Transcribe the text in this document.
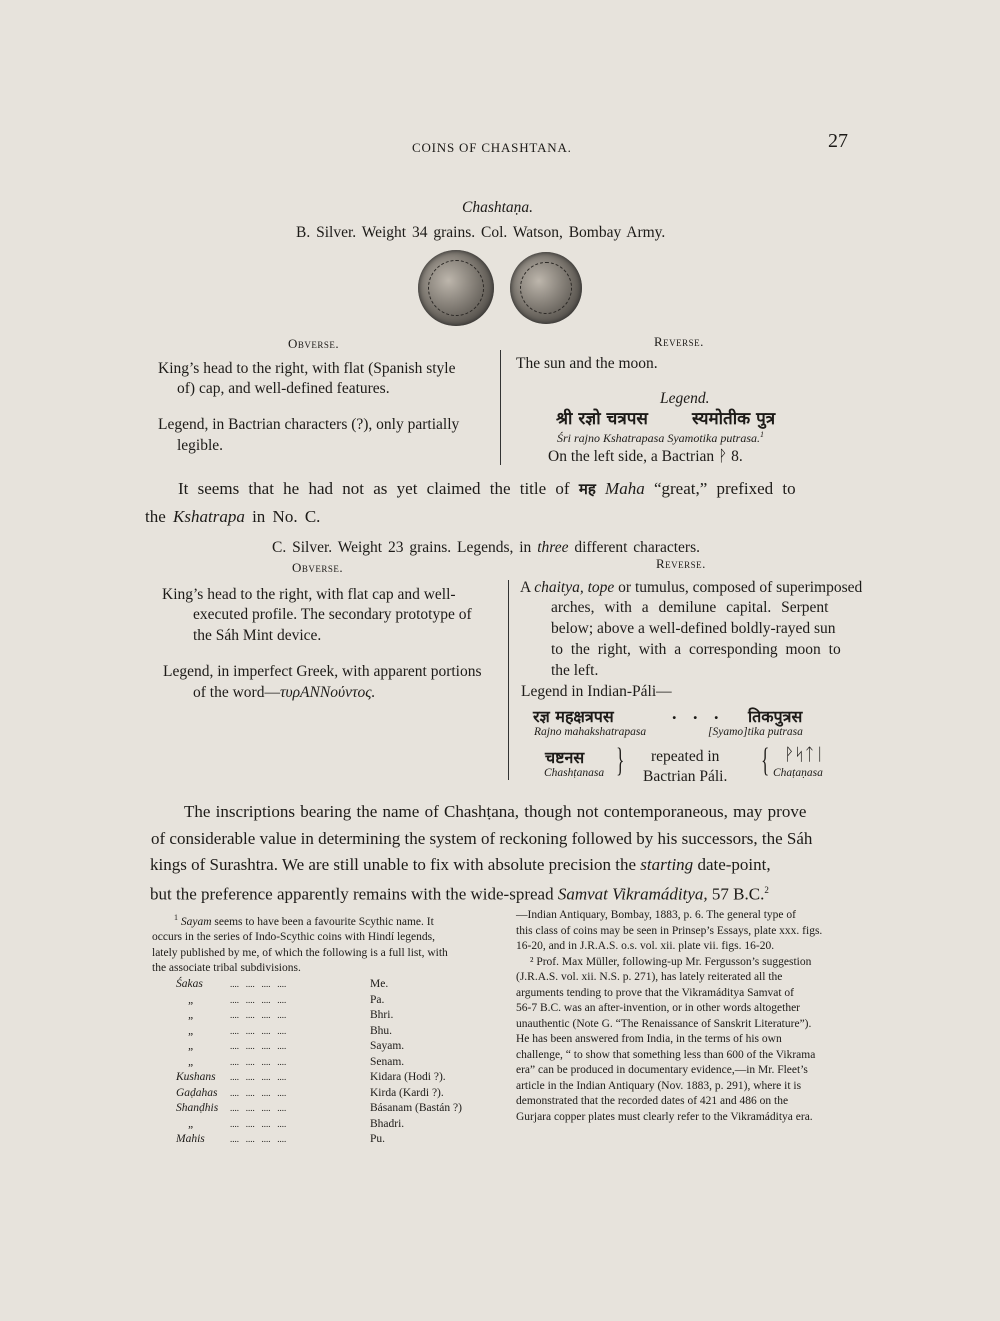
COINS OF CHASHTANA.	27
Chashtaṇa.
B. Silver. Weight 34 grains. Col. Watson, Bombay Army.
Obverse.	Reverse.
King’s head to the right, with flat (Spanish style
of) cap, and well-defined features.
Legend, in Bactrian characters (?), only partially
legible.
The sun and the moon.
Legend.
श्री रज्ञो चत्रपस	स्यमोतीक पुत्र
Śri rajno Kshatrapasa Syamotika putrasa.$^1$
On the left side, a Bactrian ᚹ 8.
It seems that he had not as yet claimed the title of मह Maha “great,” prefixed to
the Kshatrapa in No. C.
C. Silver. Weight 23 grains. Legends, in three different characters.
Obverse.	Reverse.
King’s head to the right, with flat cap and well-
executed profile. The secondary prototype of
the Sáh Mint device.
Legend, in imperfect Greek, with apparent portions
of the word—τυρANNoύvτoς.
A chaitya, tope or tumulus, composed of superimposed
arches, with a demilune capital. Serpent
below; above a well-defined boldly-rayed sun
to the right, with a corresponding moon to
the left.
Legend in Indian-Páli—
रज्ञ महक्षत्रपस	. . . तिकपुत्रस
Rajno mahakshatrapasa	[Syamo]tika putrasa
चष्टनस
Chashṭanasa } repeated in
Bactrian Páli. { ᚹᛋᛏᛁ
Chaṭaṇasa
The inscriptions bearing the name of Chashṭana, though not contemporaneous, may prove
of considerable value in determining the system of reckoning followed by his successors, the Sáh
kings of Surashtra. We are still unable to fix with absolute precision the starting date-point,
but the preference apparently remains with the wide-spread Samvat Vikramáditya, 57 B.C.$^2$
$^1$ Sayam seems to have been a favourite Scythic name. It
occurs in the series of Indo-Scythic coins with Hindí legends,
lately published by me, of which the following is a full list, with
the associate tribal subdivisions.
Śakas	....   ....   ....   ....	Me.
„	....   ....   ....   ....	Pa.
„	....   ....   ....   ....	Bhri.
„	....   ....   ....   ....	Bhu.
„	....   ....   ....   ....	Sayam.
„	....   ....   ....   ....	Senam.
Kushans ....   ....   ....   ....	Kidara (Hodi ?).
Gaḍahas ....   ....   ....   ....	Kirda (Kardi ?).
Shanḍhis ....   ....   ....   ....	Básanam (Bastán ?)
„	....   ....   ....   ....	Bhadri.
Mahis	....   ....   ....   ....	Pu.
—Indian Antiquary, Bombay, 1883, p. 6. The general type of
this class of coins may be seen in Prinsep’s Essays, plate xxx. figs.
16-20, and in J.R.A.S. o.s. vol. xii. plate vii. figs. 16-20.
² Prof. Max Müller, following-up Mr. Fergusson’s suggestion
(J.R.A.S. vol. xii. N.S. p. 271), has lately reiterated all the
arguments tending to prove that the Vikramáditya Samvat of
56-7 B.C. was an after-invention, or in other words altogether
unauthentic (Note G. “The Renaissance of Sanskrit Literature”).
He has been answered from India, in the terms of his own
challenge, “ to show that something less than 600 of the Vikrama
era” can be produced in documentary evidence,—in Mr. Fleet’s
article in the Indian Antiquary (Nov. 1883, p. 291), where it is
demonstrated that the recorded dates of 421 and 486 on the
Gurjara copper plates must clearly refer to the Vikramáditya era.
